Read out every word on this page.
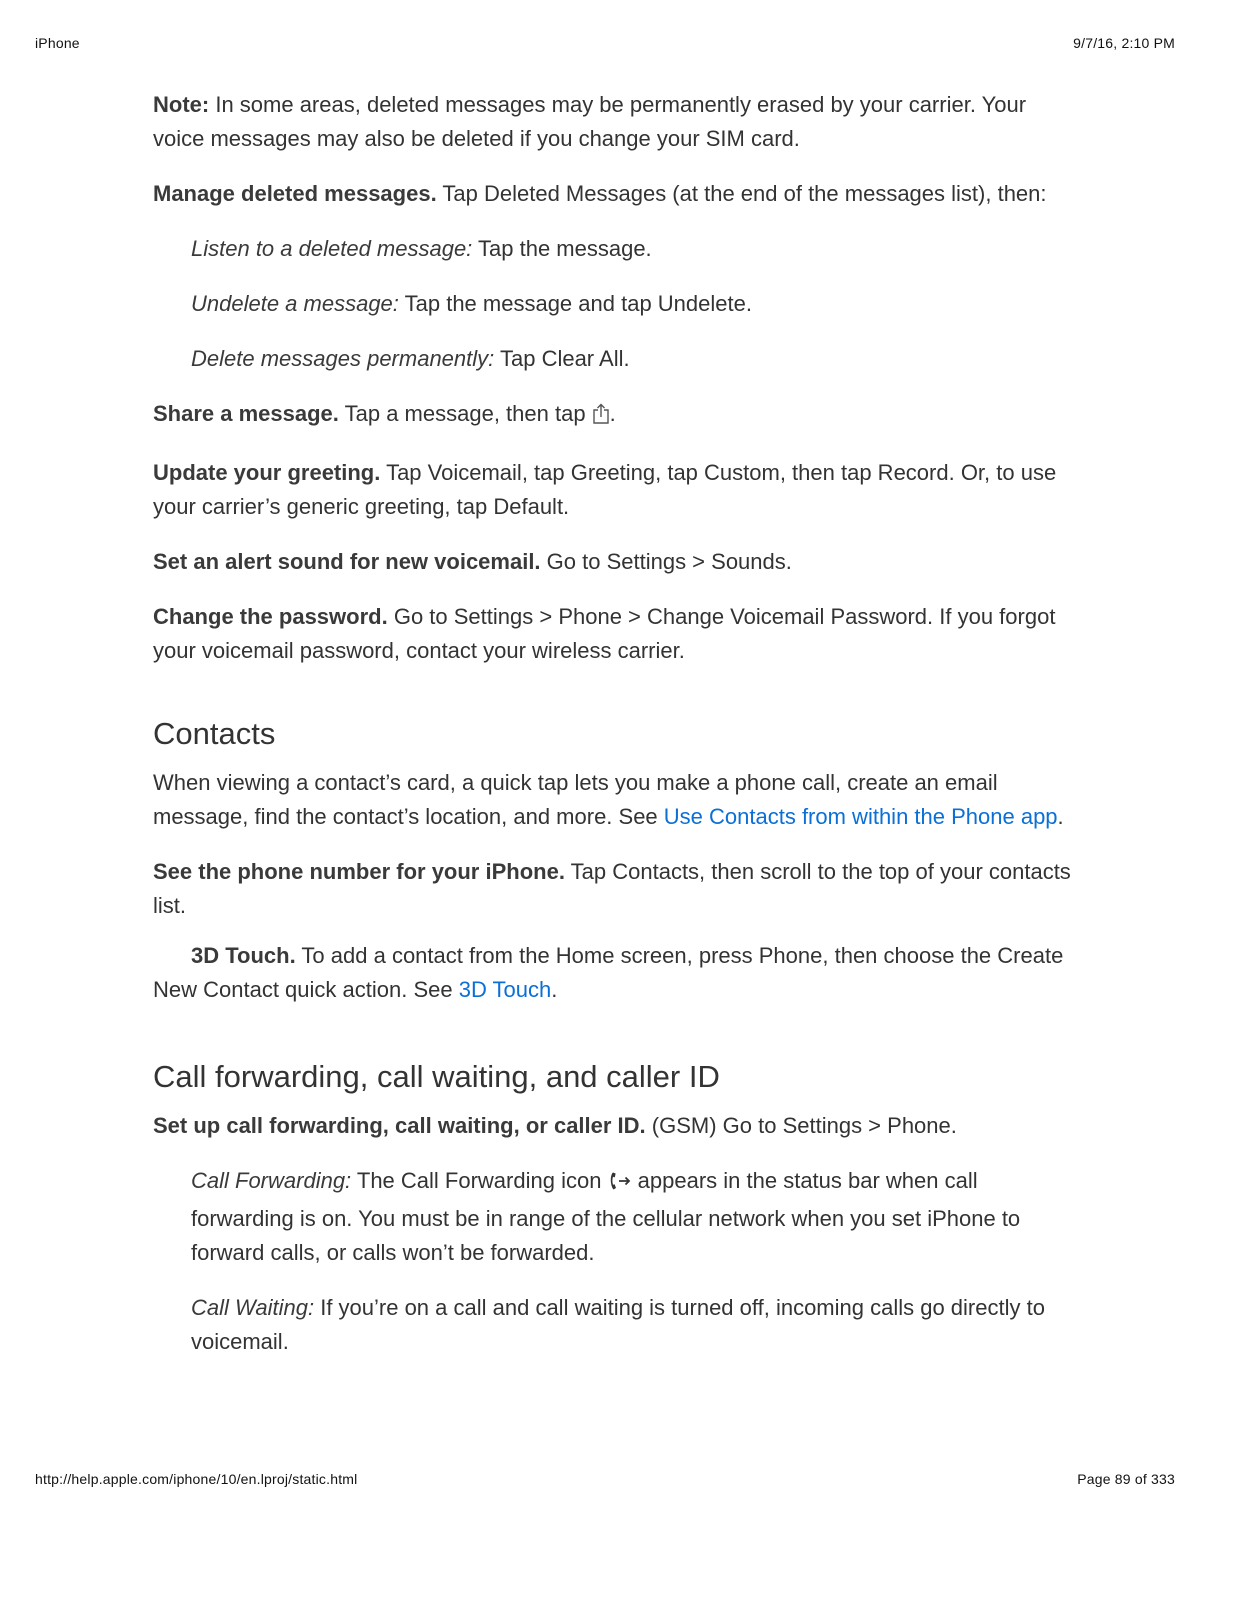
iPhone	9/7/16, 2:10 PM

Note: In some areas, deleted messages may be permanently erased by your carrier. Your voice messages may also be deleted if you change your SIM card.

Manage deleted messages. Tap Deleted Messages (at the end of the messages list), then:

Listen to a deleted message: Tap the message.

Undelete a message: Tap the message and tap Undelete.

Delete messages permanently: Tap Clear All.

Share a message. Tap a message, then tap .

Update your greeting. Tap Voicemail, tap Greeting, tap Custom, then tap Record. Or, to use your carrier’s generic greeting, tap Default.

Set an alert sound for new voicemail. Go to Settings > Sounds.

Change the password. Go to Settings > Phone > Change Voicemail Password. If you forgot your voicemail password, contact your wireless carrier.

Contacts

When viewing a contact’s card, a quick tap lets you make a phone call, create an email message, find the contact’s location, and more. See Use Contacts from within the Phone app.

See the phone number for your iPhone. Tap Contacts, then scroll to the top of your contacts list.

3D Touch. To add a contact from the Home screen, press Phone, then choose the Create New Contact quick action. See 3D Touch.

Call forwarding, call waiting, and caller ID

Set up call forwarding, call waiting, or caller ID. (GSM) Go to Settings > Phone.

Call Forwarding: The Call Forwarding icon  appears in the status bar when call forwarding is on. You must be in range of the cellular network when you set iPhone to forward calls, or calls won’t be forwarded.

Call Waiting: If you’re on a call and call waiting is turned off, incoming calls go directly to voicemail.

http://help.apple.com/iphone/10/en.lproj/static.html	Page 89 of 333
